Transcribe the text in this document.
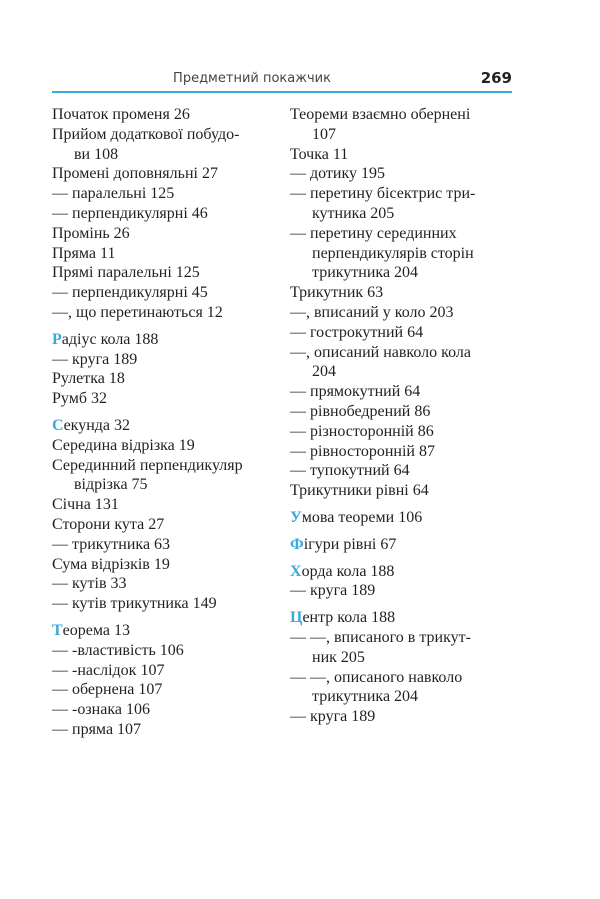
Предметний покажчик	269
Початок променя 26
Прийом додаткової побудо-
ви 108
Промені доповняльні 27
— паралельні 125
— перпендикулярні 46
Промінь 26
Пряма 11
Прямі паралельні 125
— перпендикулярні 45
—, що перетинаються 12
Радіус кола 188
— круга 189
Рулетка 18
Румб 32
Секунда 32
Середина відрізка 19
Серединний перпендикуляр
відрізка 75
Січна 131
Сторони кута 27
— трикутника 63
Сума відрізків 19
— кутів 33
— кутів трикутника 149
Теорема 13
— -властивість 106
— -наслідок 107
— обернена 107
— -ознака 106
— пряма 107
Теореми взаємно обернені
107
Точка 11
— дотику 195
— перетину бісектрис три-
кутника 205
— перетину серединних
перпендикулярів сторін
трикутника 204
Трикутник 63
—, вписаний у коло 203
— гострокутний 64
—, описаний навколо кола
204
— прямокутний 64
— рівнобедрений 86
— різносторонній 86
— рівносторонній 87
— тупокутний 64
Трикутники рівні 64
Умова теореми 106
Фігури рівні 67
Хорда кола 188
— круга 189
Центр кола 188
— —, вписаного в трикут-
ник 205
— —, описаного навколо
трикутника 204
— круга 189
